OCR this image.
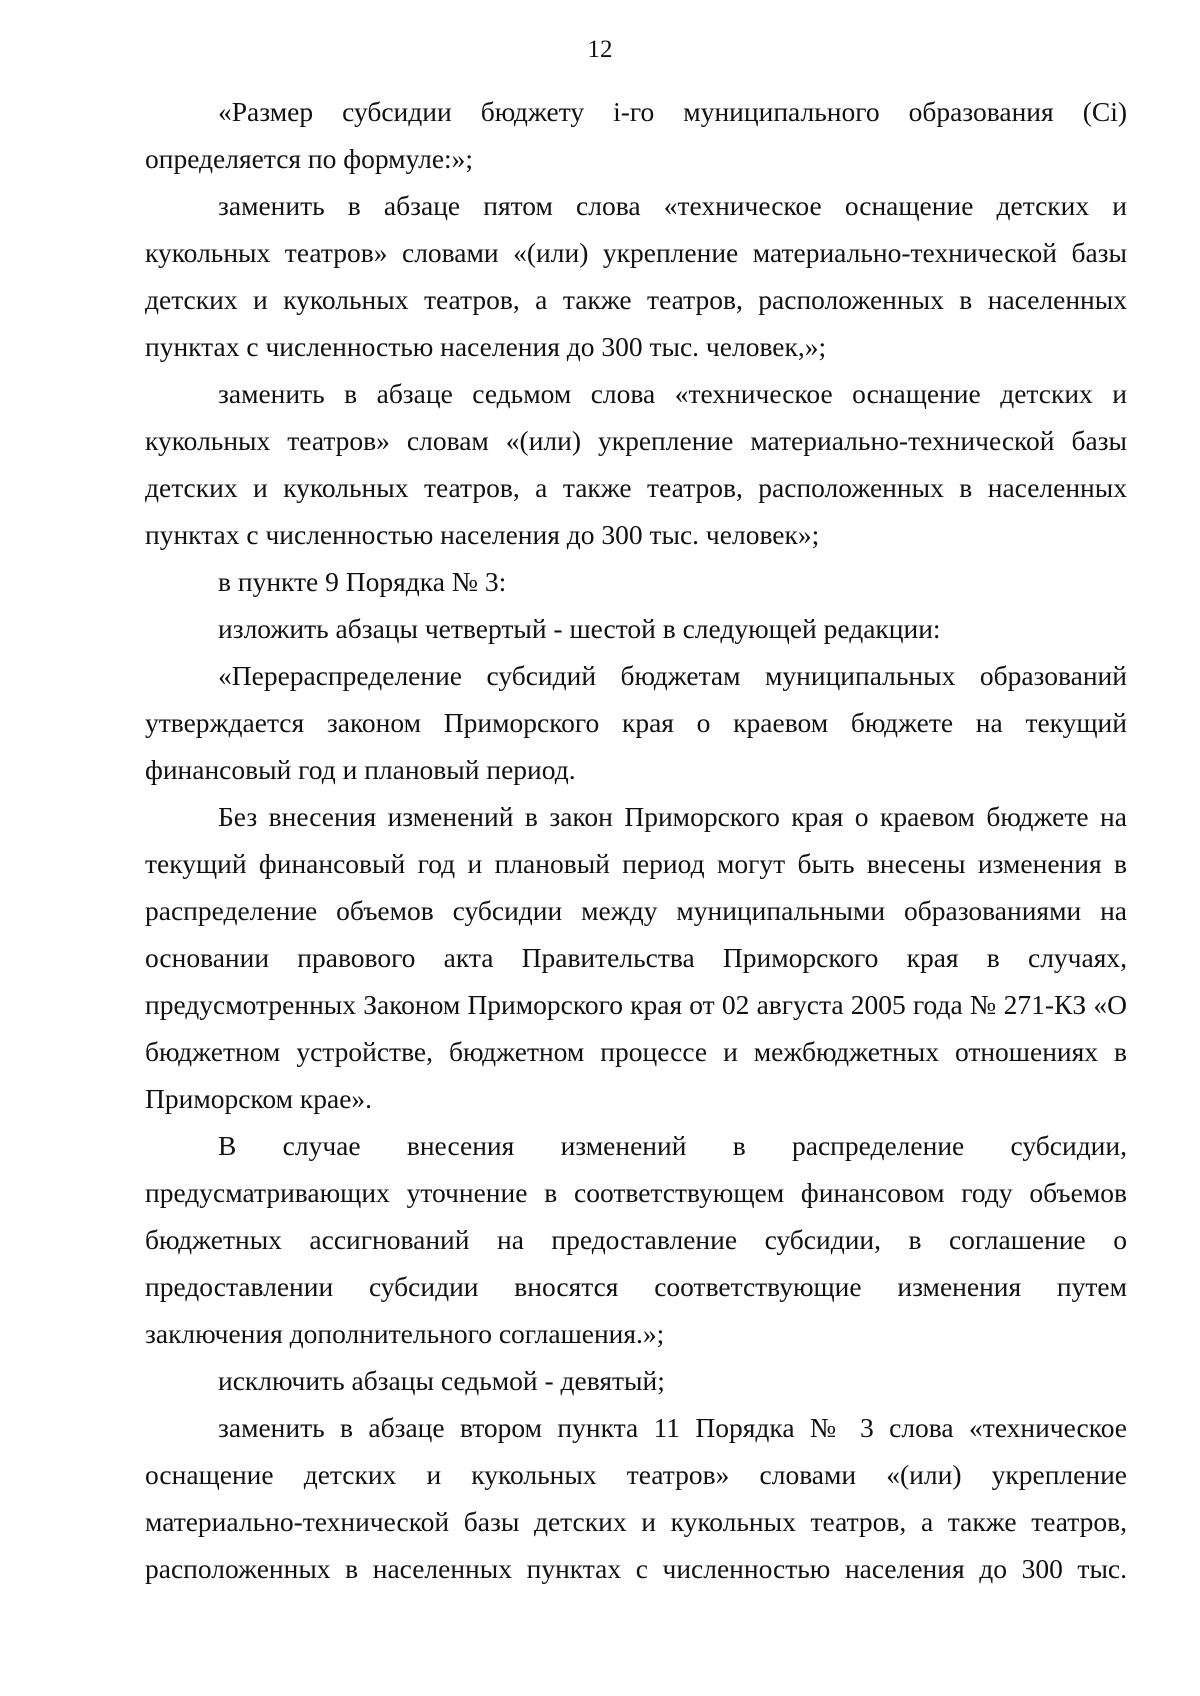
12

«Размер субсидии бюджету i-го муниципального образования (Ci) определяется по формуле:»;

заменить в абзаце пятом слова «техническое оснащение детских и кукольных театров» словами «(или) укрепление материально-технической базы детских и кукольных театров, а также театров, расположенных в населенных пунктах с численностью населения до 300 тыс. человек,»;

заменить в абзаце седьмом слова «техническое оснащение детских и кукольных театров» словам «(или) укрепление материально-технической базы детских и кукольных театров, а также театров, расположенных в населенных пунктах с численностью населения до 300 тыс. человек»;

в пункте 9 Порядка № 3:

изложить абзацы четвертый - шестой в следующей редакции:

«Перераспределение субсидий бюджетам муниципальных образований утверждается законом Приморского края о краевом бюджете на текущий финансовый год и плановый период.

Без внесения изменений в закон Приморского края о краевом бюджете на текущий финансовый год и плановый период могут быть внесены изменения в распределение объемов субсидии между муниципальными образованиями на основании правового акта Правительства Приморского края в случаях, предусмотренных Законом Приморского края от 02 августа 2005 года № 271-КЗ «О бюджетном устройстве, бюджетном процессе и межбюджетных отношениях в Приморском крае».

В случае внесения изменений в распределение субсидии, предусматривающих уточнение в соответствующем финансовом году объемов бюджетных ассигнований на предоставление субсидии, в соглашение о предоставлении субсидии вносятся соответствующие изменения путем заключения дополнительного соглашения.»;

исключить абзацы седьмой - девятый;

заменить в абзаце втором пункта 11 Порядка № 3 слова «техническое оснащение детских и кукольных театров» словами «(или) укрепление материально-технической базы детских и кукольных театров, а также театров, расположенных в населенных пунктах с численностью населения до 300 тыс.
